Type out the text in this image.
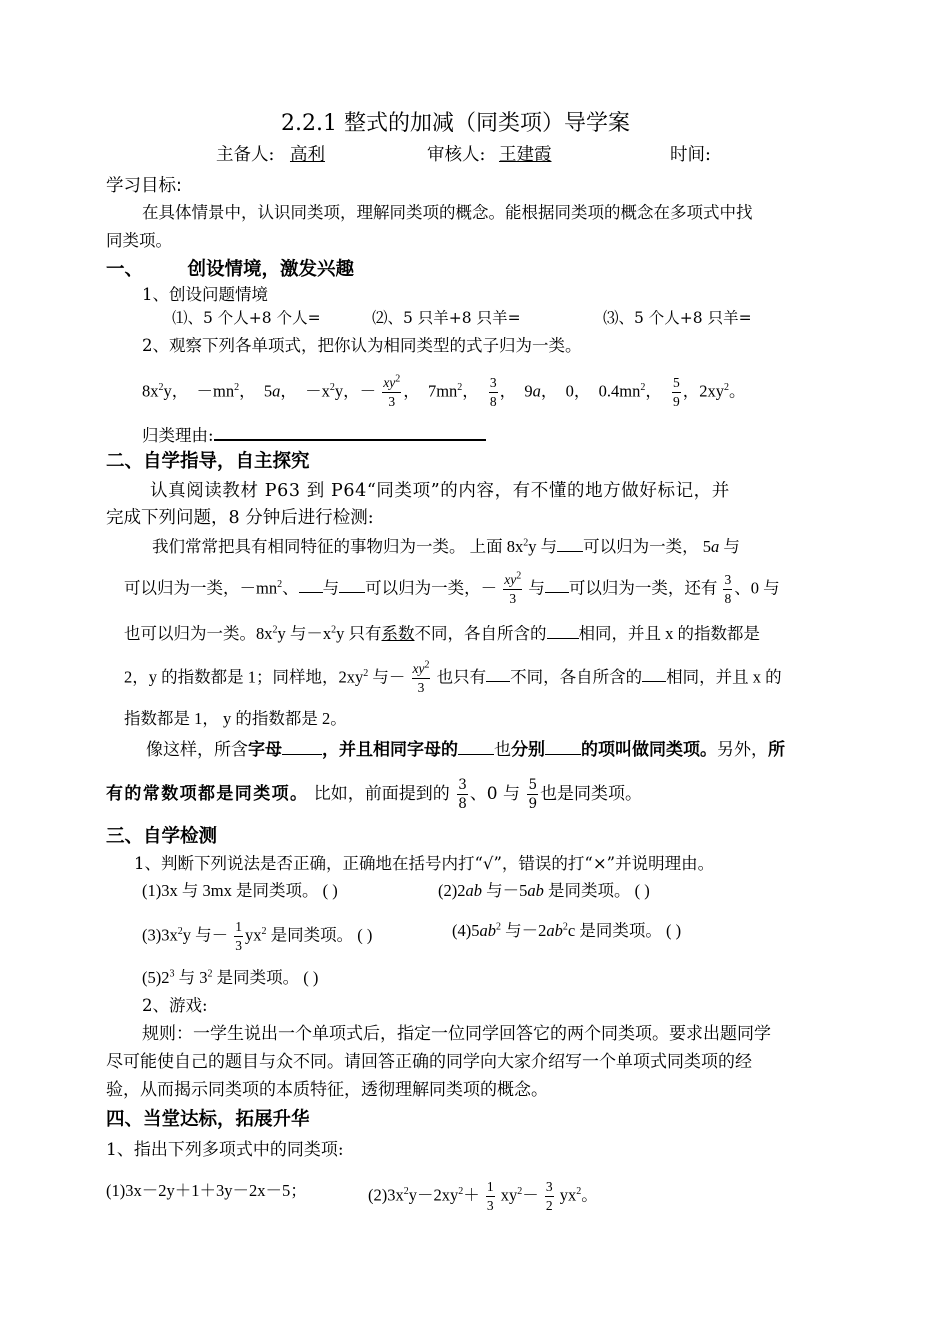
2.2.1 整式的加减（同类项）导学案
主备人: 高利	审核人: 王建霞	时间:
学习目标:
在具体情景中，认识同类项，理解同类项的概念。能根据同类项的概念在多项式中找
同类项。
一、 创设情境，激发兴趣
1、创设问题情境
⑴、5 个人+8 个人=	⑵、5 只羊+8 只羊=	⑶、5 个人+8 只羊=
2、观察下列各单项式，把你认为相同类型的式子归为一类。
$8x^2y$， $-mn^2$， 5a， $-x^2y$，－ $\frac{xy^2}{3}$ ， $7mn^2$， $\frac{3}{8}$ ， 9a， 0， $0.4mn^2$， $\frac{5}{9}$ ，$2xy^2$。
归类理由:
二、自学指导，自主探究
认真阅读教材 P63 到 P64“同类项”的内容，有不懂的地方做好标记，并
完成下列问题，8 分钟后进行检测:
我们常常把具有相同特征的事物归为一类。 上面 $8x^2y$ 与 可以归为一类， 5a 与
可以归为一类，$-mn^2$、 与 可以归为一类，－ $\frac{xy^2}{3}$ 与 可以归为一类，还有 $\frac{3}{8}$ 、0 与
也可以归为一类。$8x^2y$ 与$-x^2y$ 只有系数不同，各自所含的 相同，并且 x 的指数都是
2，y 的指数都是 1；同样地，$2xy^2$ 与－ $\frac{xy^2}{3}$ 也只有 不同，各自所含的 相同，并且 x 的
指数都是 1， y 的指数都是 2。
像这样，所含字母 ，并且相同字母的 也分别 的项叫做同类项。另外，所
有的常数项都是同类项。 比如，前面提到的 $\frac{3}{8}$ 、0 与 $\frac{5}{9}$ 也是同类项。
三、自学检测
1、判断下列说法是否正确，正确地在括号内打“√”，错误的打“×”并说明理由。
(1)3x 与 3mx 是同类项。 ( )	(2)2ab 与－5ab 是同类项。 ( )
$(3)3x^2y$ 与－ $\frac{1}{3} yx^2$ 是同类项。 ( )	$(4)5ab^2$ 与$-2ab^2c$ 是同类项。 ( )
$(5)2^3$ 与 $3^2$ 是同类项。 ( )
2、游戏:
规则：一学生说出一个单项式后，指定一位同学回答它的两个同类项。要求出题同学
尽可能使自己的题目与众不同。请回答正确的同学向大家介绍写一个单项式同类项的经
验，从而揭示同类项的本质特征，透彻理解同类项的概念。
四、当堂达标，拓展升华
1、指出下列多项式中的同类项:
(1)3x－2y＋1＋3y－2x－5；	$(2)3x^2y-2xy^2+ \frac{1}{3} xy^2- \frac{3}{2} yx^2$。
